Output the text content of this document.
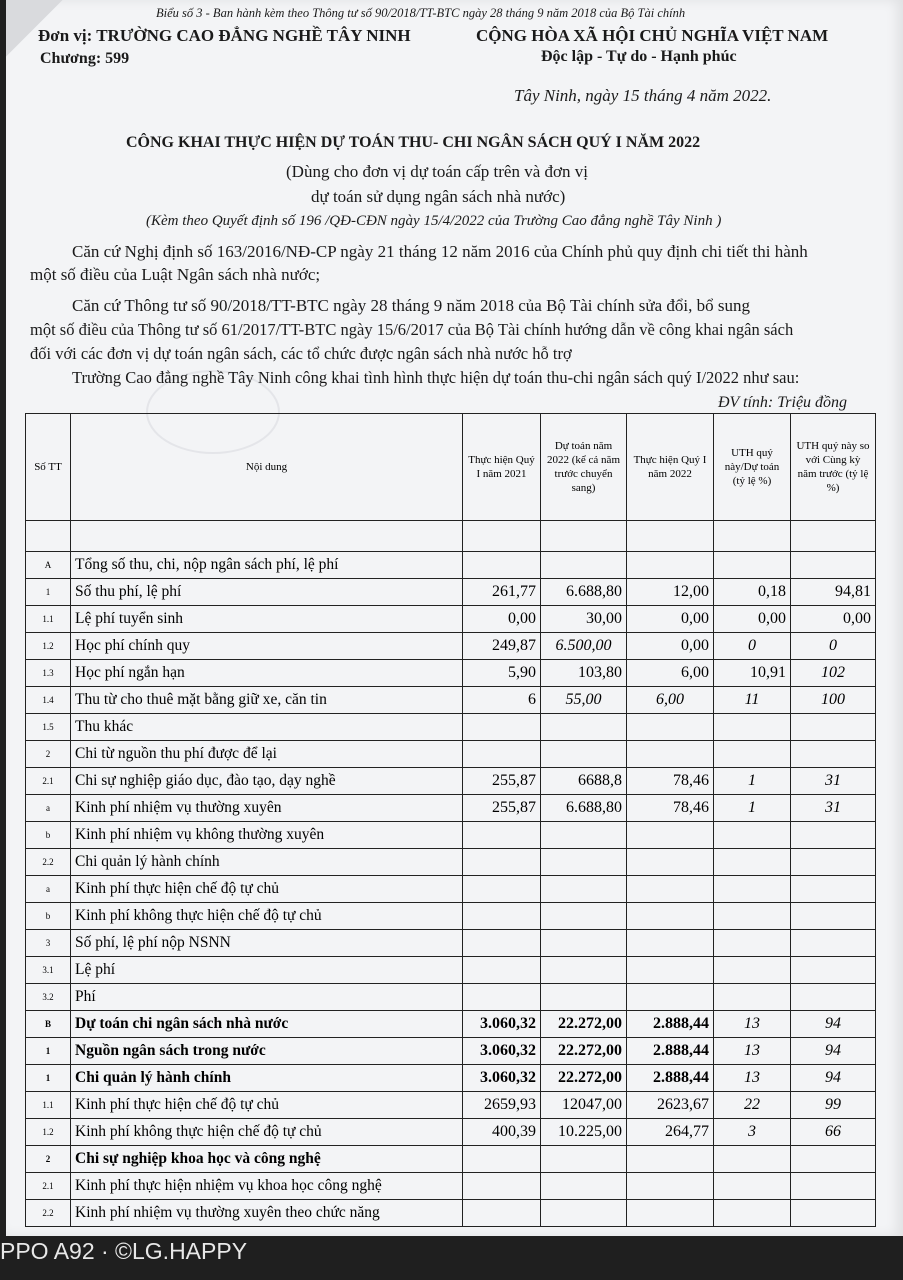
Biểu số 3 - Ban hành kèm theo Thông tư số 90/2018/TT-BTC ngày 28 tháng 9 năm 2018 của Bộ Tài chính
Đơn vị: TRƯỜNG CAO ĐẲNG NGHỀ TÂY NINH
Chương: 599
CỘNG HÒA XÃ HỘI CHỦ NGHĨA VIỆT NAM
Độc lập - Tự do - Hạnh phúc
Tây Ninh, ngày 15 tháng 4 năm 2022.
CÔNG KHAI THỰC HIỆN DỰ TOÁN THU- CHI NGÂN SÁCH QUÝ I NĂM 2022
(Dùng cho đơn vị dự toán cấp trên và đơn vị
dự toán sử dụng ngân sách nhà nước)
(Kèm theo Quyết định số 196 /QĐ-CĐN ngày 15/4/2022 của Trường Cao đẳng nghề Tây Ninh )
Căn cứ Nghị định số 163/2016/NĐ-CP ngày 21 tháng 12 năm 2016 của Chính phủ quy định chi tiết thi hành
một số điều của Luật Ngân sách nhà nước;
Căn cứ Thông tư số 90/2018/TT-BTC ngày 28 tháng 9 năm 2018 của Bộ Tài chính sửa đổi, bổ sung
một số điều của Thông tư số 61/2017/TT-BTC ngày 15/6/2017 của Bộ Tài chính hướng dẫn về công khai ngân sách
đối với các đơn vị dự toán ngân sách, các tổ chức được ngân sách nhà nước hỗ trợ
Trường Cao đẳng nghề Tây Ninh công khai tình hình thực hiện dự toán thu-chi ngân sách quý I/2022 như sau:
ĐV tính: Triệu đồng
Số TT	Nội dung	Thực hiện Quý I năm 2021	Dự toán năm 2022 (kể cả năm trước chuyển sang)	Thực hiện Quý I năm 2022	UTH quý này/Dự toán (tỷ lệ %)	UTH quý này so với Cùng kỳ năm trước (tỷ lệ %)

A	Tổng số thu, chi, nộp ngân sách phí, lệ phí					
1	Số thu phí, lệ phí	261,77	6.688,80	12,00	0,18	94,81
1.1	Lệ phí tuyển sinh	0,00	30,00	0,00	0,00	0,00
1.2	Học phí chính quy	249,87	6.500,00	0,00	0	0
1.3	Học phí ngắn hạn	5,90	103,80	6,00	10,91	102
1.4	Thu từ cho thuê mặt bằng giữ xe, căn tin	6	55,00	6,00	11	100
1.5	Thu khác					
2	Chi từ nguồn thu phí được để lại					
2.1	Chi sự nghiệp giáo dục, đào tạo, dạy nghề	255,87	6688,8	78,46	1	31
a	Kinh phí nhiệm vụ thường xuyên	255,87	6.688,80	78,46	1	31
b	Kinh phí nhiệm vụ không thường xuyên					
2.2	Chi quản lý hành chính					
a	Kinh phí thực hiện chế độ tự chủ					
b	Kinh phí không thực hiện chế độ tự chủ					
3	Số phí, lệ phí nộp NSNN					
3.1	Lệ phí					
3.2	Phí					
B	Dự toán chi ngân sách nhà nước	3.060,32	22.272,00	2.888,44	13	94
1	Nguồn ngân sách trong nước	3.060,32	22.272,00	2.888,44	13	94
1	Chi quản lý hành chính	3.060,32	22.272,00	2.888,44	13	94
1.1	Kinh phí thực hiện chế độ tự chủ	2659,93	12047,00	2623,67	22	99
1.2	Kinh phí không thực hiện chế độ tự chủ	400,39	10.225,00	264,77	3	66
2	Chi sự nghiệp khoa học và công nghệ					
2.1	Kinh phí thực hiện nhiệm vụ khoa học công nghệ					
2.2	Kinh phí nhiệm vụ thường xuyên theo chức năng					
PPO A92 · ©LG.HAPPY
